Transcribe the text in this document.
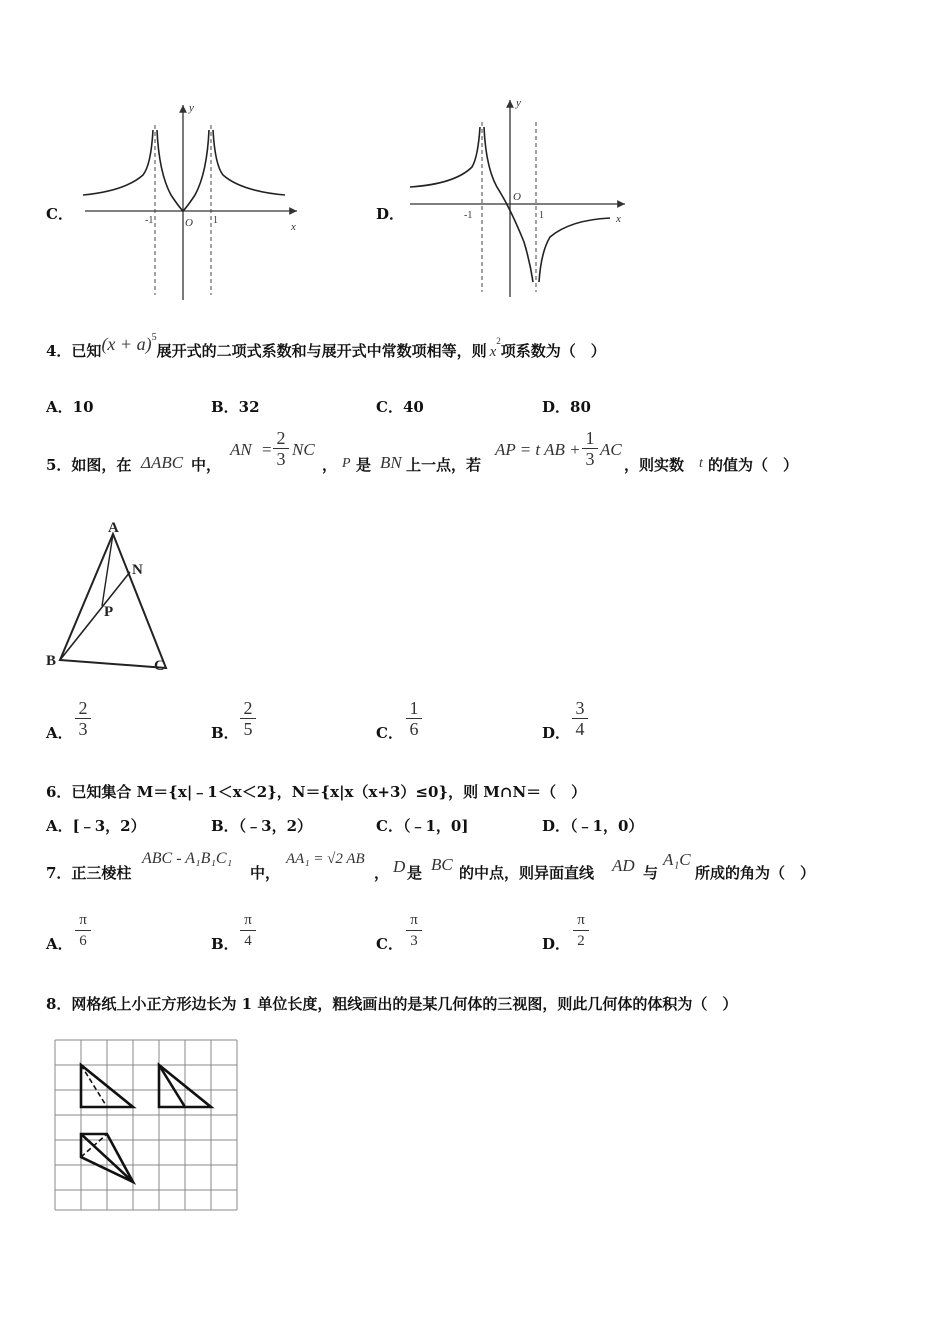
C．
y
x
-1	O 1	D．
y
x
-1
O
1
4．已知$(x + a)^5$展开式的二项式系数和与展开式中常数项相等，则 $x^2$项系数为（　）
A．10	B．32	C．40	D．80
5．如图，在 ΔABC 中，
AN =
2
3 NC
， P 是 BN 上一点，若
AP = t AB +
1
3 AC
，则实数 t 的值为（　）
A
N
P
B	C
A．
2
3	B．
2
5	C．
1
6	D．
3
4
6．已知集合 M＝{x|﹣1＜x＜2}，N＝{x|x（x+3）≤0}，则 M∩N＝（　）
A．[﹣3，2）	B．（﹣3，2）	C．（﹣1，0]	D．（﹣1，0）
7．正三棱柱
ABC - A₁B₁C₁
中，
AA₁ = √2 AB
， D 是 BC 的中点，则异面直线 AD 与
A₁C
所成的角为（　）
A．
π
6	B．
π
4	C．
π
3	D．
π
2
8．网格纸上小正方形边长为 1 单位长度，粗线画出的是某几何体的三视图，则此几何体的体积为（　）
